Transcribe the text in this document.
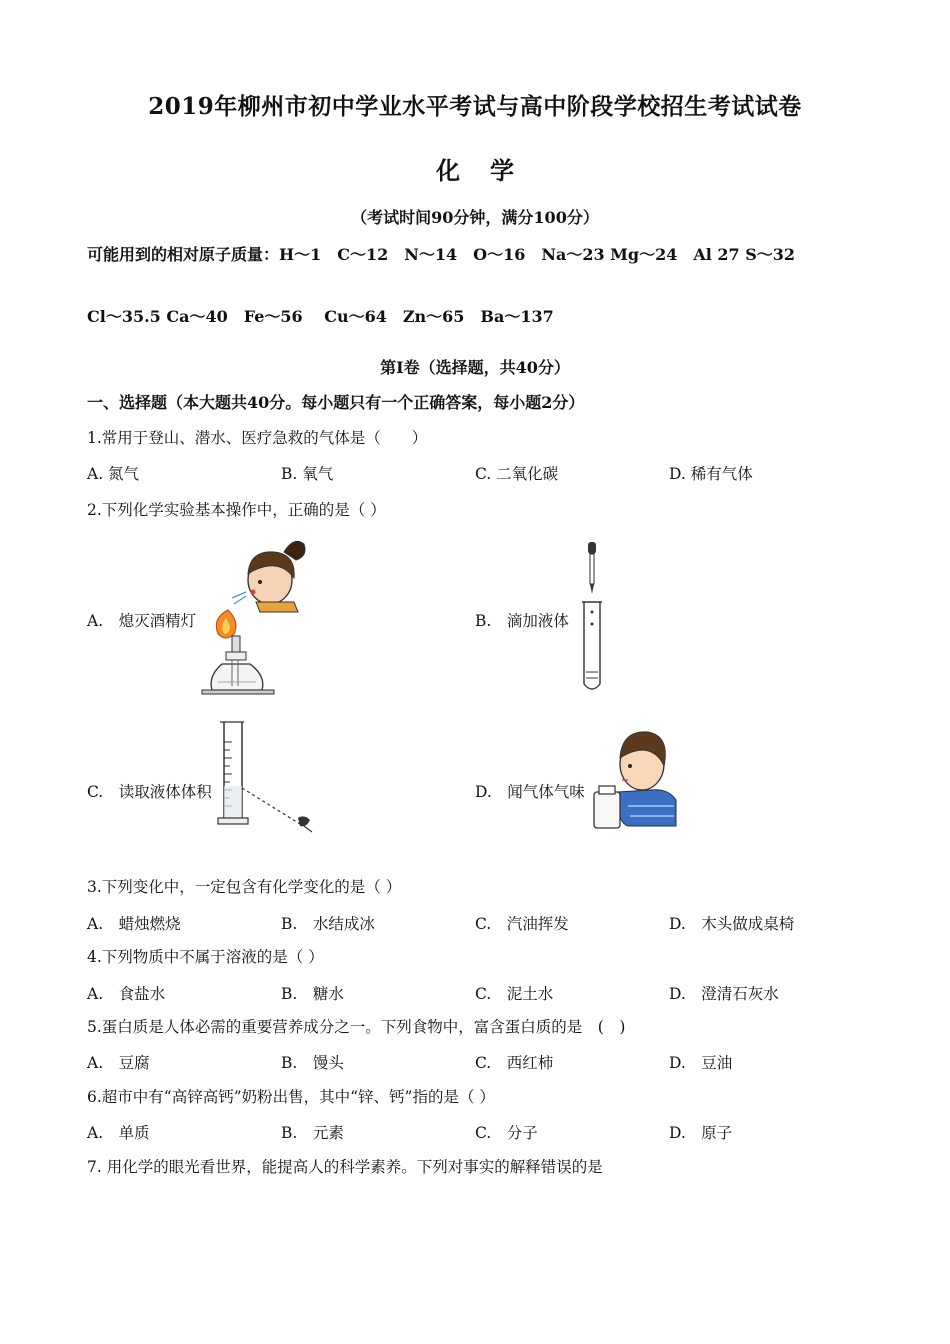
2019年柳州市初中学业水平考试与高中阶段学校招生考试试卷
化学
（考试时间90分钟，满分100分）
可能用到的相对原子质量：H～1　C～12　N～14　O～16　Na～23 Mg～24　Al 27 S～32
Cl～35.5 Ca～40　Fe～56　 Cu～64　Zn～65　Ba～137
第Ⅰ卷（选择题，共40分）
一、选择题（本大题共40分。每小题只有一个正确答案，每小题2分）
1.常用于登山、潜水、医疗急救的气体是（　　）
A. 氮气	B. 氧气	C. 二氧化碳	D. 稀有气体
2.下列化学实验基本操作中，正确的是（ ）
A.　熄灭酒精灯	B.　滴加液体
C.　读取液体体积	D.　闻气体气味
3.下列变化中，一定包含有化学变化的是（ ）
A.　蜡烛燃烧	B.　水结成冰	C.　汽油挥发	D.　木头做成桌椅
4.下列物质中不属于溶液的是（ ）
A.　食盐水	B.　糖水	C.　泥土水	D.　澄清石灰水
5.蛋白质是人体必需的重要营养成分之一。下列食物中，富含蛋白质的是　(　)
A.　豆腐	B.　馒头	C.　西红柿	D.　豆油
6.超市中有“高锌高钙”奶粉出售，其中“锌、钙”指的是（ ）
A.　单质	B.　元素	C.　分子	D.　原子
7. 用化学的眼光看世界，能提高人的科学素养。下列对事实的解释错误的是
